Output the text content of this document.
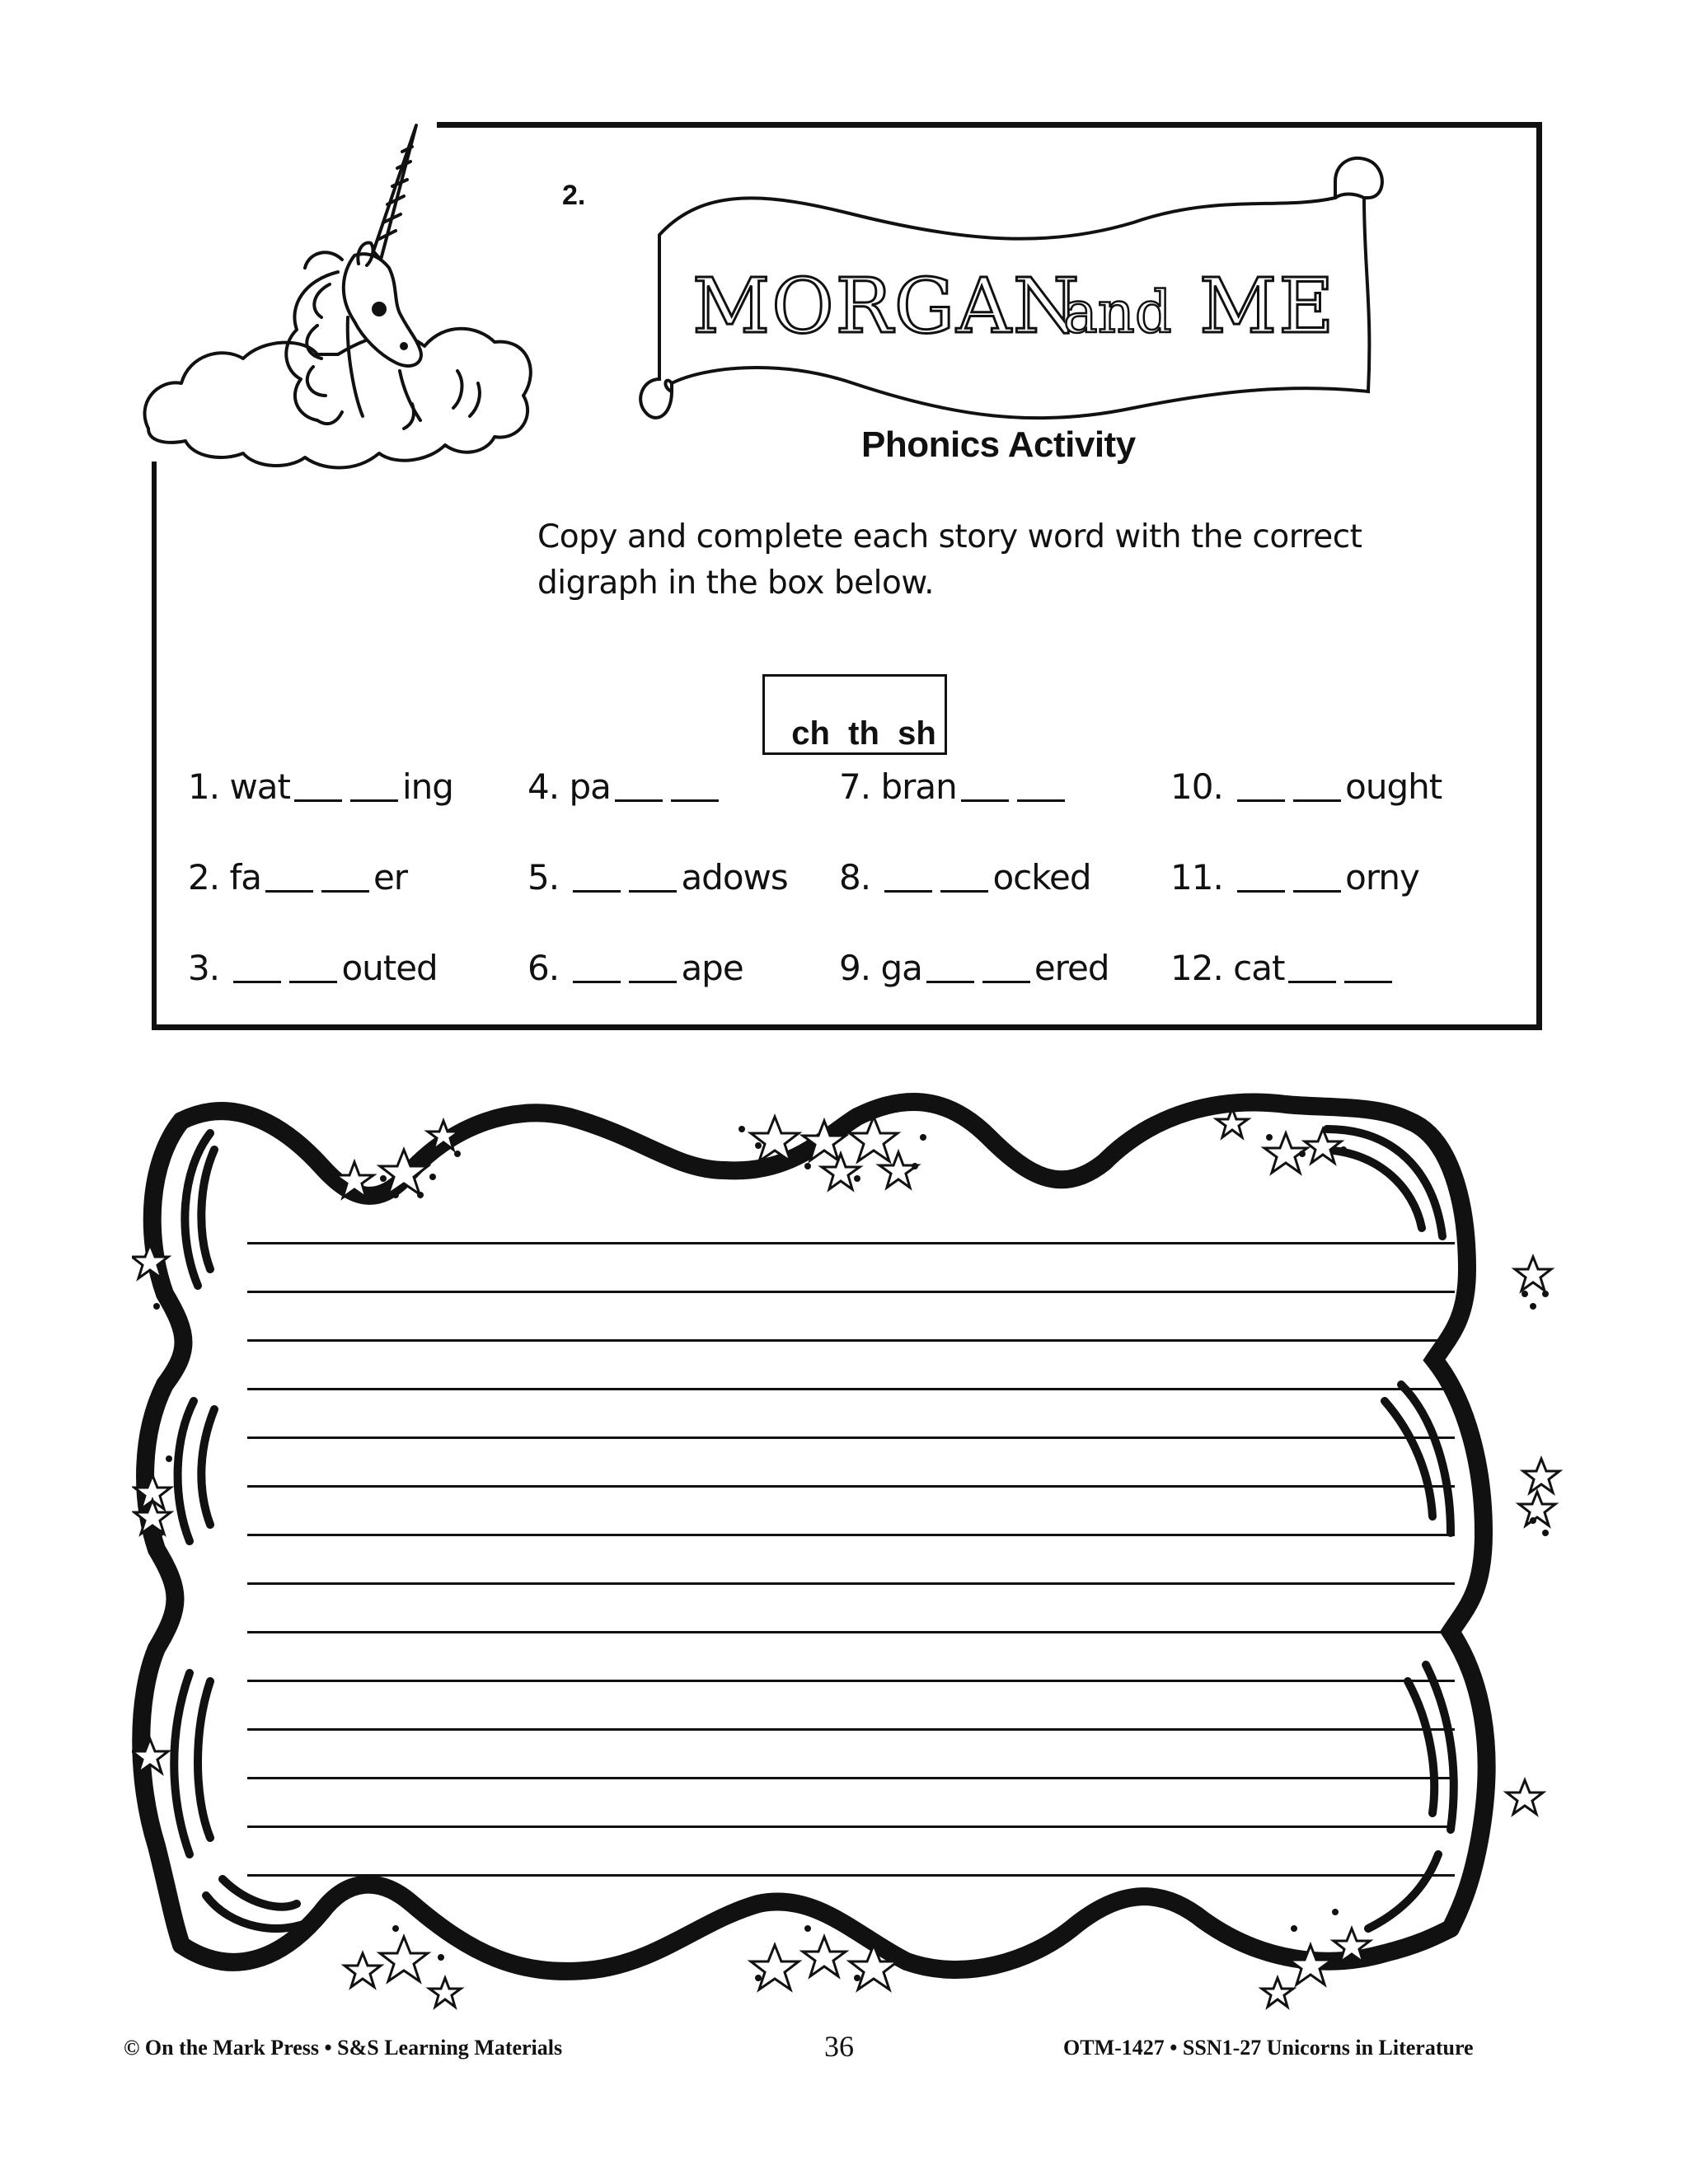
2.
MORGAN
and ME
Phonics Activity
Copy and complete each story word with the correct
digraph in the box below.

ch  th  sh

1. wat	ing
2. fa	er
3.	outed
4. pa
5.	adows
6.	ape
7. bran
8.	ocked
9. ga	ered
10.	ought
11.	orny
12. cat
© On the Mark Press • S&S Learning Materials	36	OTM-1427 • SSN1-27 Unicorns in Literature
